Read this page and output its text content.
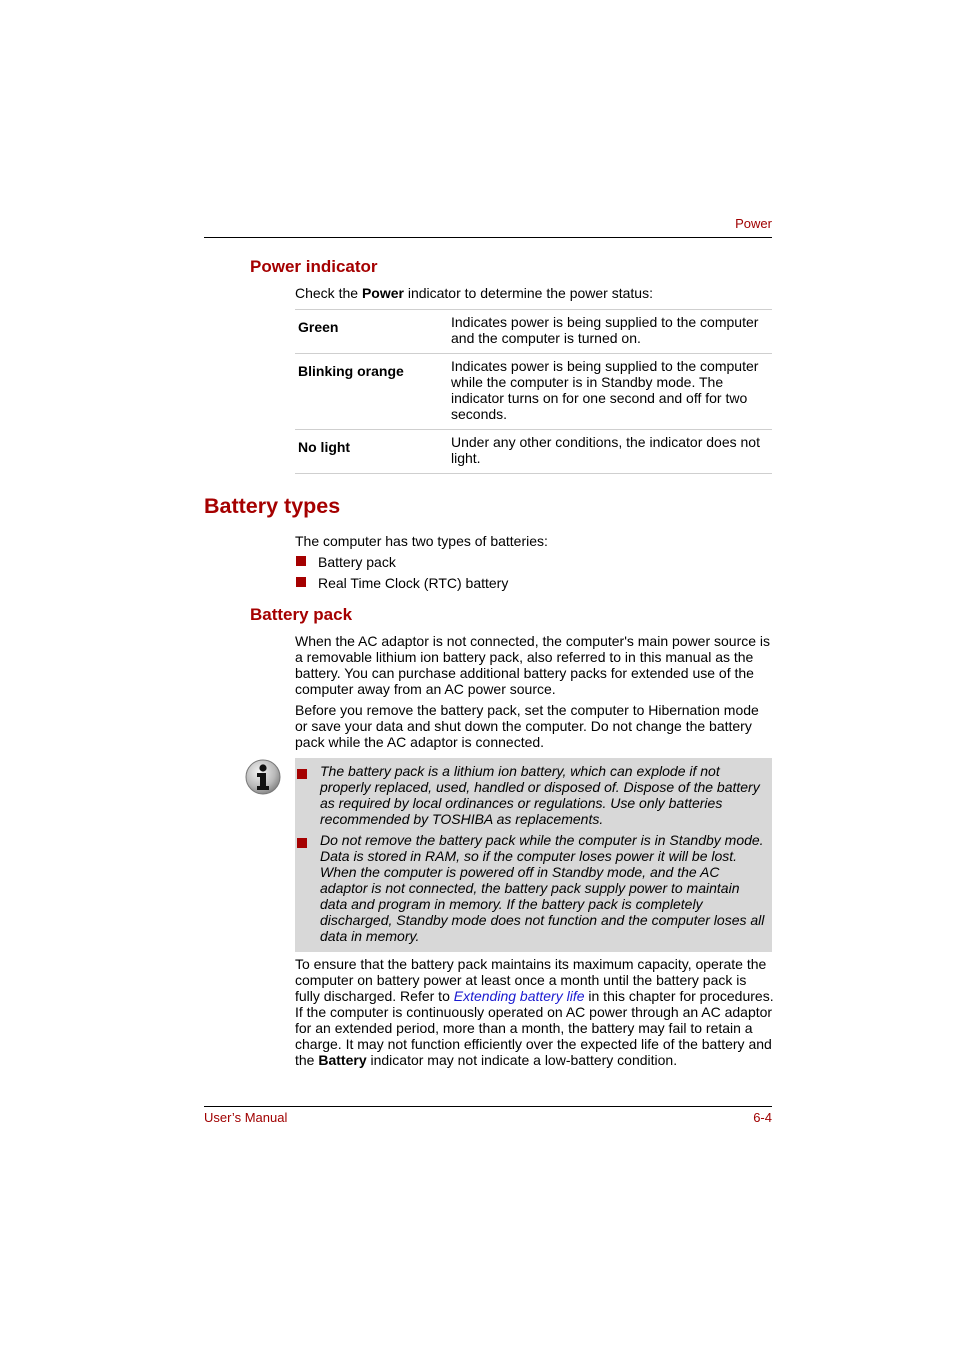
Power
Power indicator
Check the Power indicator to determine the power status:
Green	Indicates power is being supplied to the computer and the computer is turned on.
Blinking orange	Indicates power is being supplied to the computer while the computer is in Standby mode. The indicator turns on for one second and off for two seconds.
No light	Under any other conditions, the indicator does not light.
Battery types
The computer has two types of batteries:
Battery pack
Real Time Clock (RTC) battery
Battery pack

When the AC adaptor is not connected, the computer's main power source is a removable lithium ion battery pack, also referred to in this manual as the battery. You can purchase additional battery packs for extended use of the computer away from an AC power source.

Before you remove the battery pack, set the computer to Hibernation mode or save your data and shut down the computer. Do not change the battery pack while the AC adaptor is connected.

The battery pack is a lithium ion battery, which can explode if not properly replaced, used, handled or disposed of. Dispose of the battery as required by local ordinances or regulations. Use only batteries recommended by TOSHIBA as replacements.
Do not remove the battery pack while the computer is in Standby mode. Data is stored in RAM, so if the computer loses power it will be lost. When the computer is powered off in Standby mode, and the AC adaptor is not connected, the battery pack supply power to maintain data and program in memory. If the battery pack is completely discharged, Standby mode does not function and the computer loses all data in memory.
To ensure that the battery pack maintains its maximum capacity, operate the computer on battery power at least once a month until the battery pack is fully discharged. Refer to Extending battery life in this chapter for procedures. If the computer is continuously operated on AC power through an AC adaptor for an extended period, more than a month, the battery may fail to retain a charge. It may not function efficiently over the expected life of the battery and the Battery indicator may not indicate a low-battery condition.
User’s Manual	6-4
